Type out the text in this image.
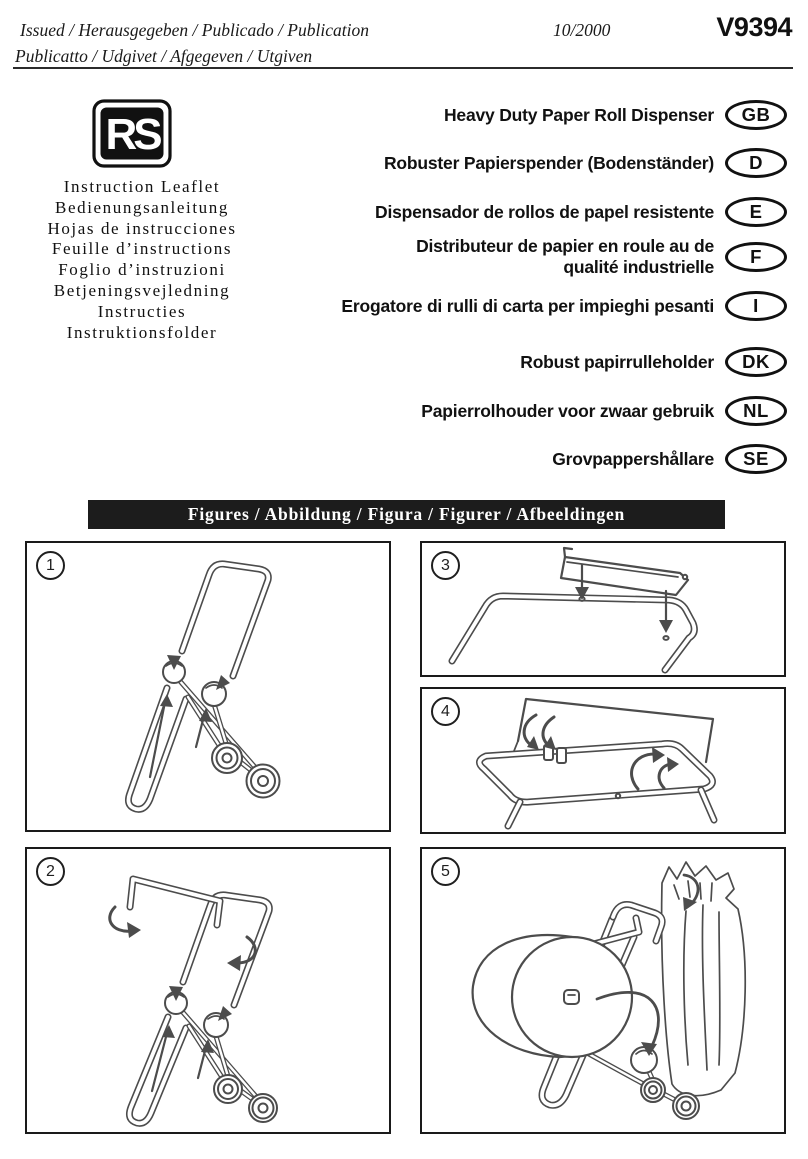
Issued / Herausgegeben / Publicado / Publication
Publicatto / Udgivet / Afgegeven / Utgiven
10/2000	V9394
RS
Instruction Leaflet
Bedienungsanleitung
Hojas de instrucciones
Feuille d’instructions
Foglio d’instruzioni
Betjeningsvejledning
Instructies
Instruktionsfolder
Heavy Duty Paper Roll Dispenser	GB
Robuster Papierspender (Bodenständer)	D
Dispensador de rollos de papel resistente	E
Distributeur de papier en roule au de
qualité industrielle	F
Erogatore di rulli di carta per impieghi pesanti	I
Robust papirrulleholder	DK
Papierrolhouder voor zwaar gebruik	NL
Grovpappershållare	SE
Figures / Abbildung / Figura / Figurer / Afbeeldingen
1
2
3
4
5
